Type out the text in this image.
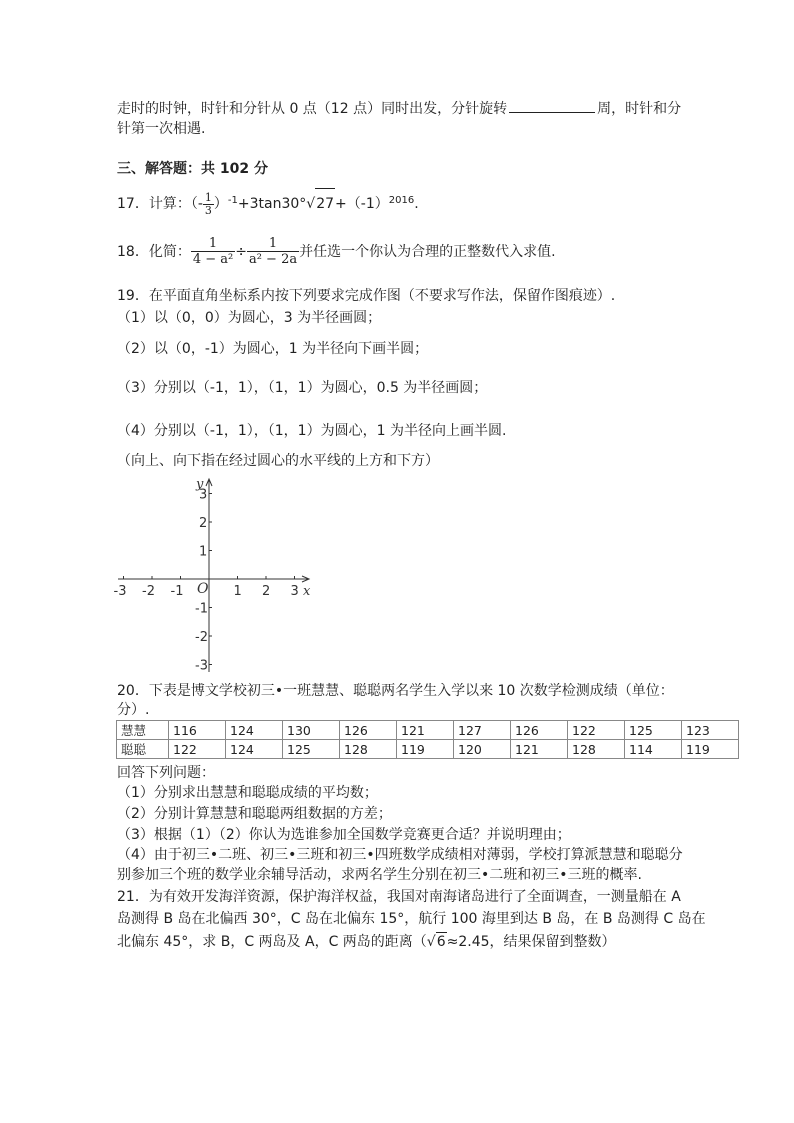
走时的时钟，时针和分针从 0 点（12 点）同时出发，分针旋转	周，时针和分
针第一次相遇.
三、解答题：共 102 分
17．计算：（- $\frac{1}{3} )^{-1}+3\tan 30^\circ√27+(-1)^{2016}$.
18．化简： $\frac{1}{\text{4 − a²}} \div \frac{1}{\text{a² − 2a}}$ 并任选一个你认为合理的正整数代入求值.
19．在平面直角坐标系内按下列要求完成作图（不要求写作法，保留作图痕迹）.
（1）以（0，0）为圆心，3 为半径画圆；
（2）以（0，-1）为圆心，1 为半径向下画半圆；
（3）分别以（-1，1），（1，1）为圆心，0.5 为半径画圆；
（4）分别以（-1，1），（1，1）为圆心，1 为半径向上画半圆.
（向上、向下指在经过圆心的水平线的上方和下方）
-3 -2 -1	1 2 3
3
2
1
-1
-2
-3
x
y
O
20．下表是博文学校初三•一班慧慧、聪聪两名学生入学以来 10 次数学检测成绩（单位：
分）.
慧慧	116	124	130	126	121	127	126	122	125	123
聪聪	122	124	125	128	119	120	121	128	114	119
回答下列问题：
（1）分别求出慧慧和聪聪成绩的平均数；
（2）分别计算慧慧和聪聪两组数据的方差；
（3）根据（1）（2）你认为选谁参加全国数学竞赛更合适？并说明理由；
（4）由于初三•二班、初三•三班和初三•四班数学成绩相对薄弱，学校打算派慧慧和聪聪分
别参加三个班的数学业余辅导活动，求两名学生分别在初三•二班和初三•三班的概率.
21．为有效开发海洋资源，保护海洋权益，我国对南海诸岛进行了全面调查，一测量船在 A
岛测得 B 岛在北偏西 30°，C 岛在北偏东 15°，航行 100 海里到达 B 岛，在 B 岛测得 C 岛在
北偏东 45°，求 B，C 两岛及 A，C 两岛的距离（√6≈2.45，结果保留到整数）
